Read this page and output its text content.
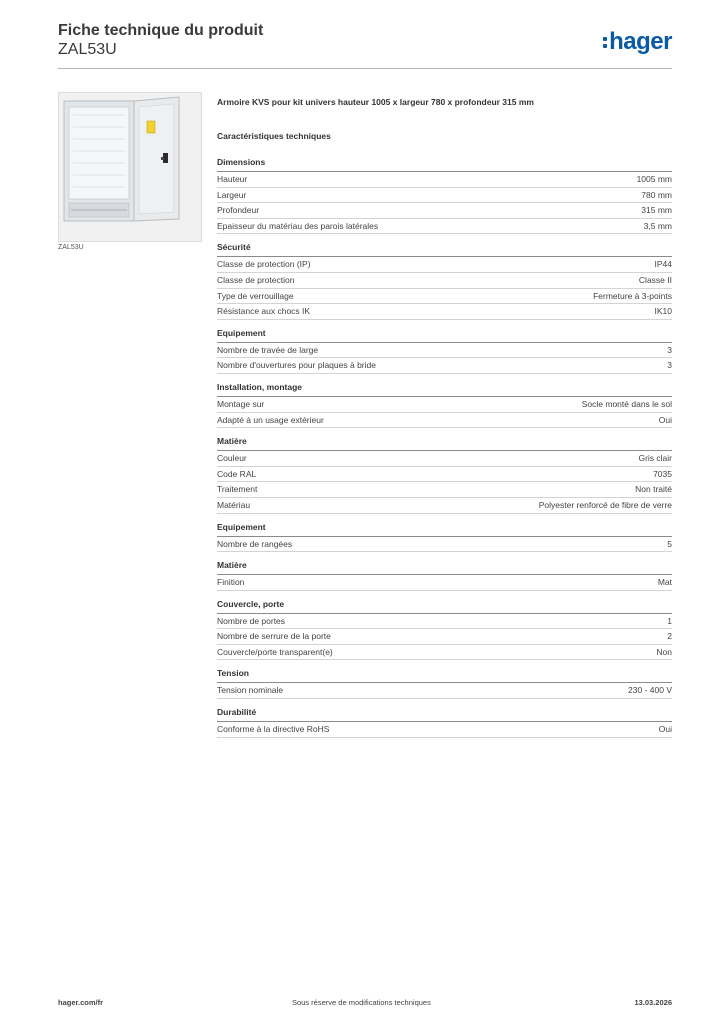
Fiche technique du produit
ZAL53U	hager
ZAL53U
Armoire KVS pour kit univers hauteur 1005 x largeur 780 x profondeur 315 mm
Caractéristiques techniques
Dimensions
Hauteur	1005 mm
Largeur	780 mm
Profondeur	315 mm
Epaisseur du matériau des parois latérales	3,5 mm
Sécurité
Classe de protection (IP)	IP44
Classe de protection	Classe II
Type de verrouillage	Fermeture à 3-points
Résistance aux chocs IK	IK10
Equipement
Nombre de travée de large	3
Nombre d'ouvertures pour plaques à bride	3
Installation, montage
Montage sur	Socle monté dans le sol
Adapté à un usage extérieur	Oui
Matière
Couleur	Gris clair
Code RAL	7035
Traitement	Non traité
Matériau	Polyester renforcé de fibre de verre
Equipement
Nombre de rangées	5
Matière
Finition	Mat
Couvercle, porte
Nombre de portes	1
Nombre de serrure de la porte	2
Couvercle/porte transparent(e)	Non
Tension
Tension nominale	230 - 400 V
Durabilité
Conforme à la directive RoHS	Oui
hager.com/fr	Sous réserve de modifications techniques	13.03.2026
